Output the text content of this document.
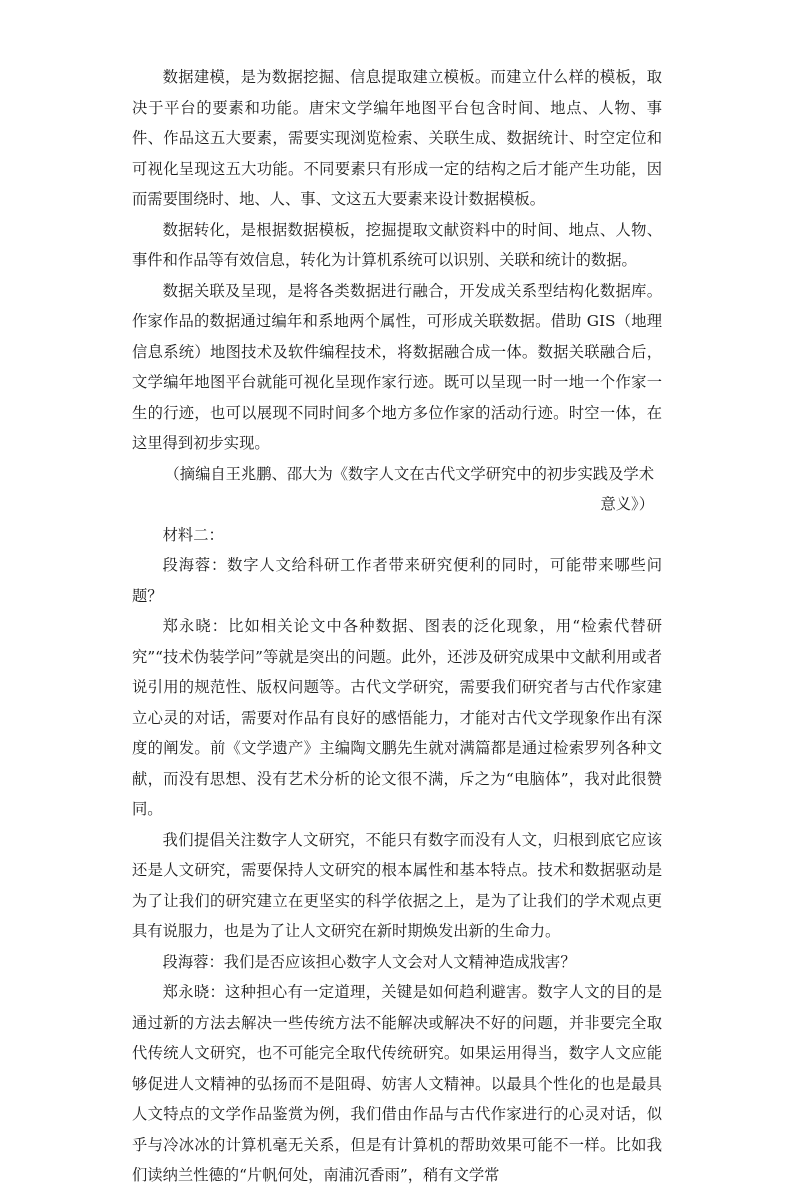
数据建模，是为数据挖掘、信息提取建立模板。而建立什么样的模板，取决于平台的要素和功能。唐宋文学编年地图平台包含时间、地点、人物、事件、作品这五大要素，需要实现浏览检索、关联生成、数据统计、时空定位和可视化呈现这五大功能。不同要素只有形成一定的结构之后才能产生功能，因而需要围绕时、地、人、事、文这五大要素来设计数据模板。

数据转化，是根据数据模板，挖掘提取文献资料中的时间、地点、人物、事件和作品等有效信息，转化为计算机系统可以识别、关联和统计的数据。

数据关联及呈现，是将各类数据进行融合，开发成关系型结构化数据库。作家作品的数据通过编年和系地两个属性，可形成关联数据。借助 GIS（地理信息系统）地图技术及软件编程技术，将数据融合成一体。数据关联融合后，文学编年地图平台就能可视化呈现作家行迹。既可以呈现一时一地一个作家一生的行迹，也可以展现不同时间多个地方多位作家的活动行迹。时空一体，在这里得到初步实现。

（摘编自王兆鹏、邵大为《数字人文在古代文学研究中的初步实践及学术意义》）

材料二：

段海蓉：数字人文给科研工作者带来研究便利的同时，可能带来哪些问题？

郑永晓：比如相关论文中各种数据、图表的泛化现象，用“检索代替研究”“技术伪装学问”等就是突出的问题。此外，还涉及研究成果中文献利用或者说引用的规范性、版权问题等。古代文学研究，需要我们研究者与古代作家建立心灵的对话，需要对作品有良好的感悟能力，才能对古代文学现象作出有深度的阐发。前《文学遗产》主编陶文鹏先生就对满篇都是通过检索罗列各种文献，而没有思想、没有艺术分析的论文很不满，斥之为“电脑体”，我对此很赞同。

我们提倡关注数字人文研究，不能只有数字而没有人文，归根到底它应该还是人文研究，需要保持人文研究的根本属性和基本特点。技术和数据驱动是为了让我们的研究建立在更坚实的科学依据之上，是为了让我们的学术观点更具有说服力，也是为了让人文研究在新时期焕发出新的生命力。

段海蓉：我们是否应该担心数字人文会对人文精神造成戕害？

郑永晓：这种担心有一定道理，关键是如何趋利避害。数字人文的目的是通过新的方法去解决一些传统方法不能解决或解决不好的问题，并非要完全取代传统人文研究，也不可能完全取代传统研究。如果运用得当，数字人文应能够促进人文精神的弘扬而不是阻碍、妨害人文精神。以最具个性化的也是最具人文特点的文学作品鉴赏为例，我们借由作品与古代作家进行的心灵对话，似乎与冷冰冰的计算机毫无关系，但是有计算机的帮助效果可能不一样。比如我们读纳兰性德的“片帆何处，南浦沉香雨”，稍有文学常
